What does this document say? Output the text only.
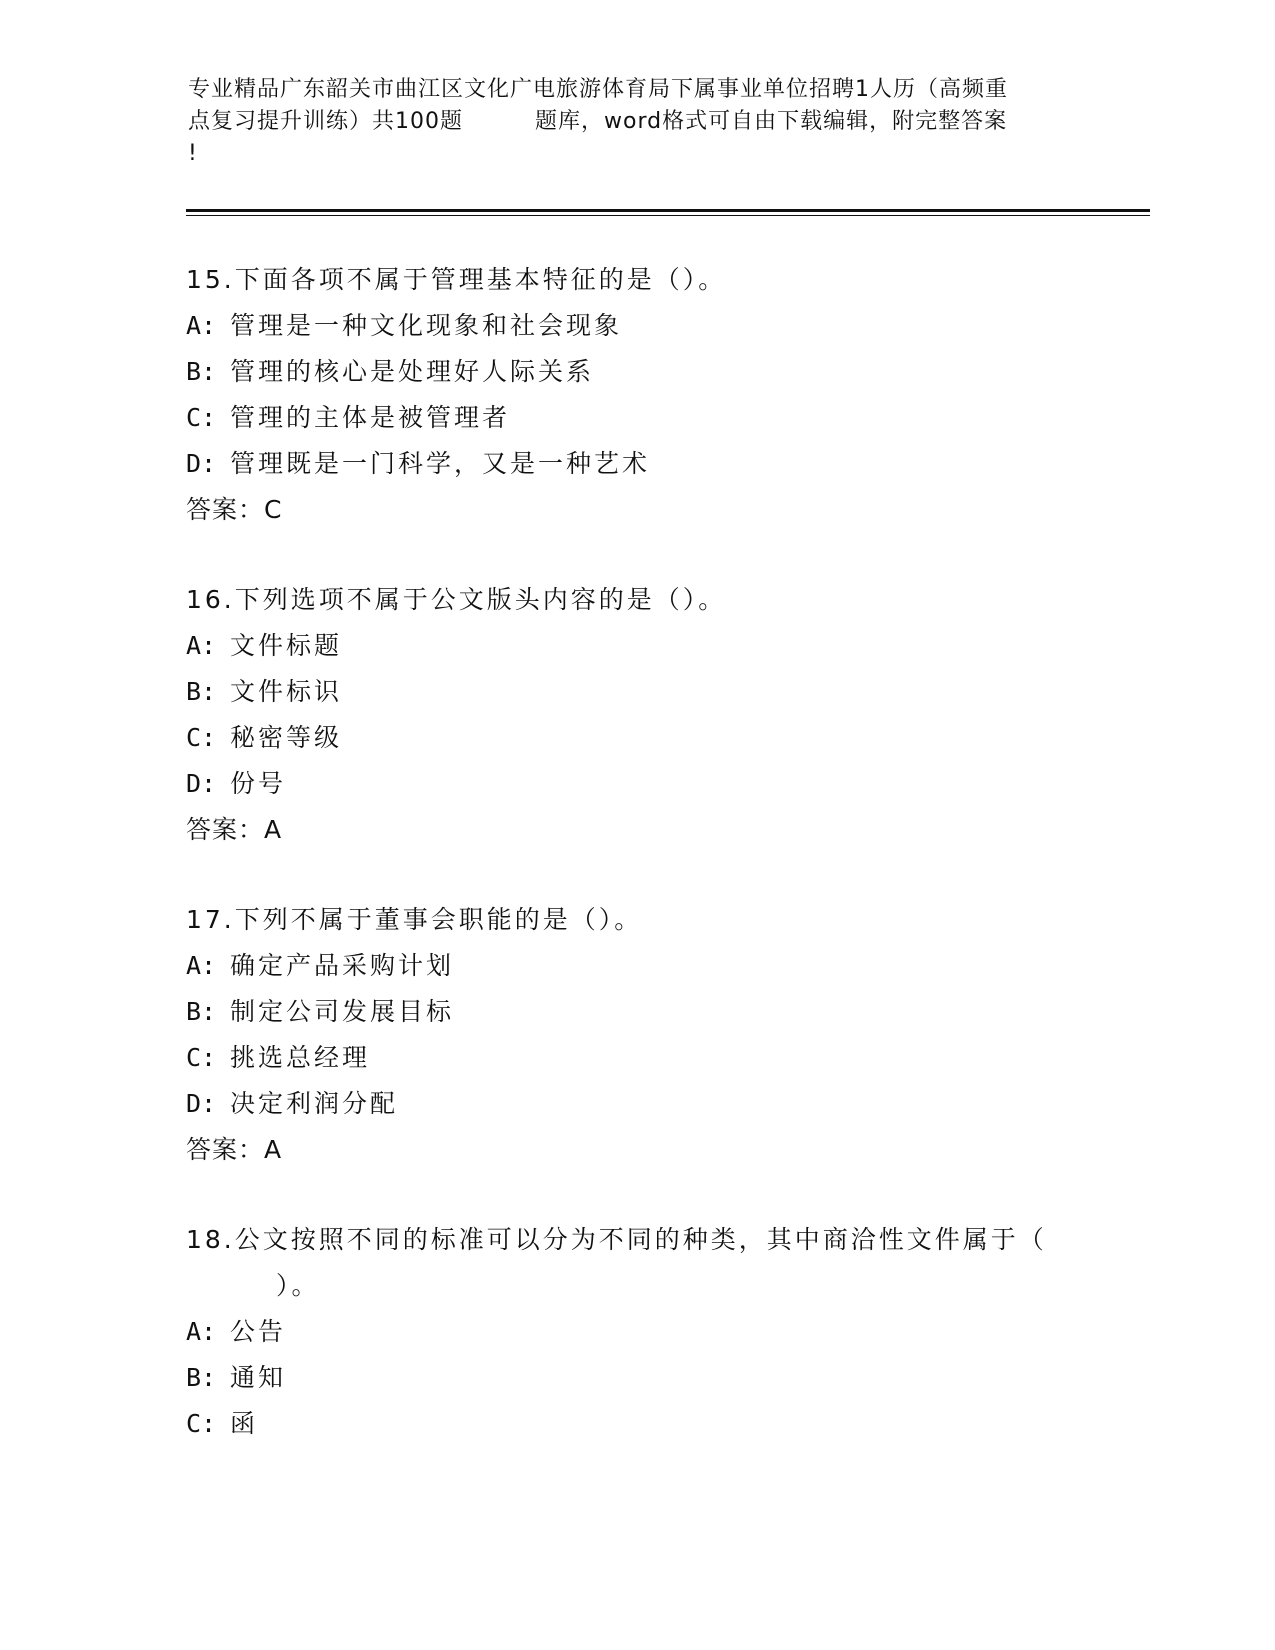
专业精品广东韶关市曲江区文化广电旅游体育局下属事业单位招聘1人历（高频重
点复习提升训练）共100题	题库，word格式可自由下载编辑，附完整答案
!
15.下面各项不属于管理基本特征的是（）。
A: 管理是一种文化现象和社会现象
B: 管理的核心是处理好人际关系
C: 管理的主体是被管理者
D: 管理既是一门科学，又是一种艺术
答案：C
16.下列选项不属于公文版头内容的是（）。
A: 文件标题
B: 文件标识
C: 秘密等级
D: 份号
答案：A
17.下列不属于董事会职能的是（）。
A: 确定产品采购计划
B: 制定公司发展目标
C: 挑选总经理
D: 决定利润分配
答案：A
18.公文按照不同的标准可以分为不同的种类，其中商洽性文件属于（
）。
A: 公告
B: 通知
C: 函
